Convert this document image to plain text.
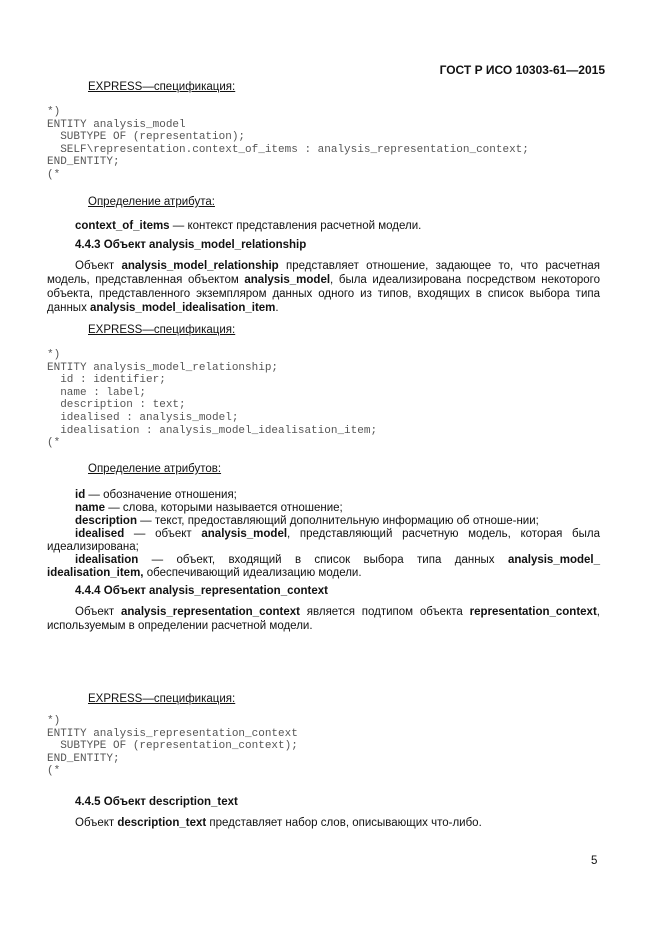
ГОСТ Р ИСО 10303-61—2015
EXPRESS—спецификация:
*)
ENTITY analysis_model
SUBTYPE OF (representation);
SELF\representation.context_of_items : analysis_representation_context;
END_ENTITY;
(*
Определение атрибута:
context_of_items — контекст представления расчетной модели.
4.4.3 Объект analysis_model_relationship
Объект analysis_model_relationship представляет отношение, задающее то, что расчетная модель, представленная объектом analysis_model, была идеализирована посредством некоторого объекта, представленного экземпляром данных одного из типов, входящих в список выбора типа данных analysis_model_idealisation_item.
EXPRESS—спецификация:
*)
ENTITY analysis_model_relationship;
id : identifier;
name : label;
description : text;
idealised : analysis_model;
idealisation : analysis_model_idealisation_item;
(*
Определение атрибутов:
id — обозначение отношения;
name — слова, которыми называется отношение;
description — текст, предоставляющий дополнительную информацию об отноше-нии;
idealised — объект analysis_model, представляющий расчетную модель, которая была идеализирована;
idealisation — объект, входящий в список выбора типа данных analysis_model_ idealisation_item, обеспечивающий идеализацию модели.
4.4.4 Объект analysis_representation_context
Объект analysis_representation_context является подтипом объекта representation_context, используемым в определении расчетной модели.
EXPRESS—спецификация:
*)
ENTITY analysis_representation_context
SUBTYPE OF (representation_context);
END_ENTITY;
(*
4.4.5 Объект description_text
Объект description_text представляет набор слов, описывающих что-либо.
5
